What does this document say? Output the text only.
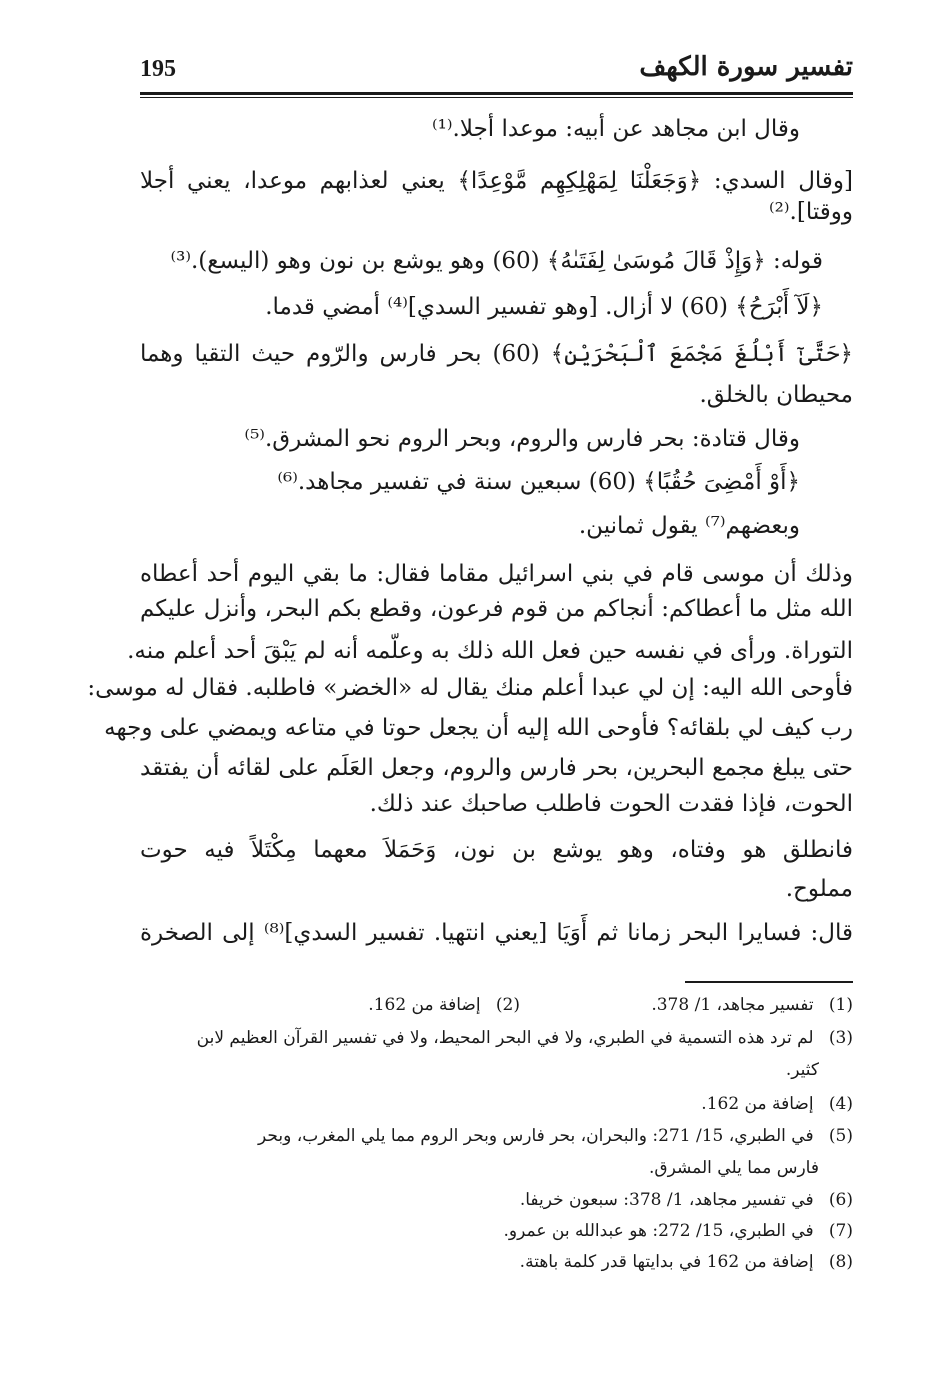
195	تفسير سورة الكهف
وقال ابن مجاهد عن أبيه: موعدا أجلا.⁽¹⁾
[وقال السدي: ﴿وَجَعَلْنَا لِمَهْلِكِهِم مَّوْعِدًا﴾ يعني لعذابهم موعدا، يعني أجلا
ووقتا].⁽²⁾
قوله: ﴿وَإِذْ قَالَ مُوسَىٰ لِفَتَىٰهُ﴾ (60) وهو يوشع بن نون وهو (اليسع).⁽³⁾
﴿لَآ أَبْرَحُ﴾ (60) لا أزال. [وهو تفسير السدي]⁽⁴⁾ أمضي قدما.
﴿حَتَّىٰٓ أَبْلُغَ مَجْمَعَ ٱلْبَحْرَيْنِ﴾ (60) بحر فارس والرّوم حيث التقيا وهما
محيطان بالخلق.
وقال قتادة: بحر فارس والروم، وبحر الروم نحو المشرق.⁽⁵⁾
﴿أَوْ أَمْضِىَ حُقُبًا﴾ (60) سبعين سنة في تفسير مجاهد.⁽⁶⁾
وبعضهم⁽⁷⁾ يقول ثمانين.
وذلك أن موسى قام في بني اسرائيل مقاما فقال: ما بقي اليوم أحد أعطاه
الله مثل ما أعطاكم: أنجاكم من قوم فرعون، وقطع بكم البحر، وأنزل عليكم
التوراة. ورأى في نفسه حين فعل الله ذلك به وعلّمه أنه لم يَبْقَ أحد أعلم منه.
فأوحى الله اليه: إن لي عبدا أعلم منك يقال له «الخضر» فاطلبه. فقال له موسى:
رب كيف لي بلقائه؟ فأوحى الله إليه أن يجعل حوتا في متاعه ويمضي على وجهه
حتى يبلغ مجمع البحرين، بحر فارس والروم، وجعل العَلَم على لقائه أن يفتقد
الحوت، فإذا فقدت الحوت فاطلب صاحبك عند ذلك.
فانطلق هو وفتاه، وهو يوشع بن نون، وَحَمَلاَ معهما مِكْتَلاً فيه حوت
مملوح.
قال: فسايرا البحر زمانا ثم أَوَيَا [يعني انتهيا. تفسير السدي]⁽⁸⁾ إلى الصخرة
(1) تفسير مجاهد، 1/ 378.
(2) إضافة من 162.
(3) لم ترد هذه التسمية في الطبري، ولا في البحر المحيط، ولا في تفسير القرآن العظيم لابن
كثير.
(4) إضافة من 162.
(5) في الطبري، 15/ 271: والبحران، بحر فارس وبحر الروم مما يلي المغرب، وبحر
فارس مما يلي المشرق.
(6) في تفسير مجاهد، 1/ 378: سبعون خريفا.
(7) في الطبري، 15/ 272: هو عبدالله بن عمرو.
(8) إضافة من 162 في بدايتها قدر كلمة باهتة.
